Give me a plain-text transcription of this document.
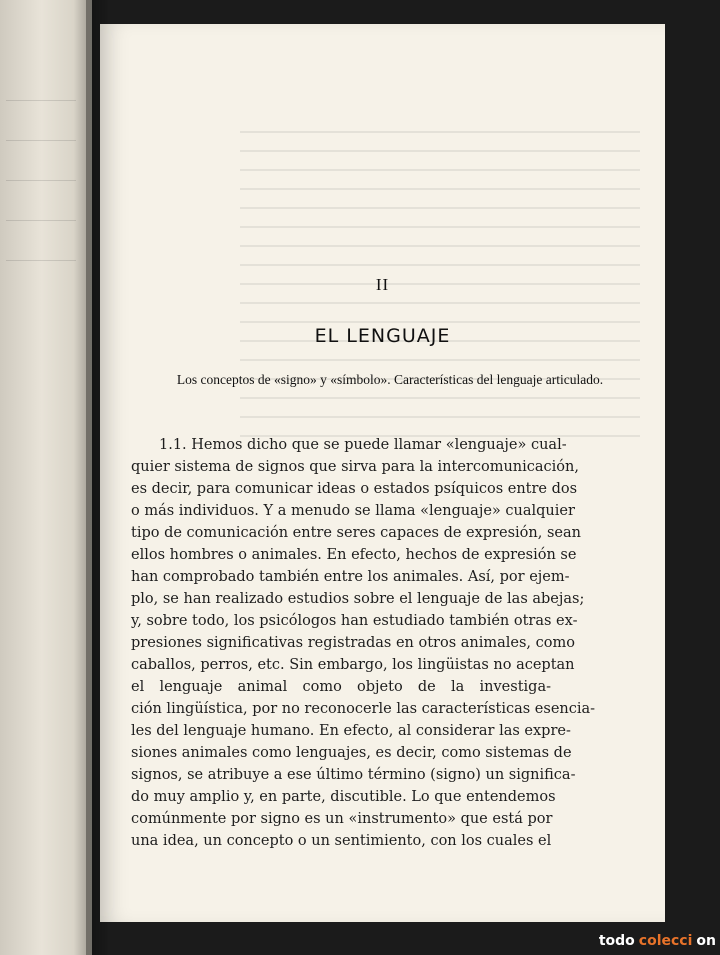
II
EL LENGUAJE
Los conceptos de «signo» y «símbolo». Características del lenguaje articulado.
1.1. Hemos dicho que se puede llamar «lenguaje» cual-
quier sistema de signos que sirva para la intercomunicación,
es decir, para comunicar ideas o estados psíquicos entre dos
o más individuos. Y a menudo se llama «lenguaje» cualquier
tipo de comunicación entre seres capaces de expresión, sean
ellos hombres o animales. En efecto, hechos de expresión se
han comprobado también entre los animales. Así, por ejem-
plo, se han realizado estudios sobre el lenguaje de las abejas;
y, sobre todo, los psicólogos han estudiado también otras ex-
presiones significativas registradas en otros animales, como
caballos, perros, etc. Sin embargo, los lingüistas no aceptan
el lenguaje animal como objeto de la investiga-
ción lingüística, por no reconocerle las características esencia-
les del lenguaje humano. En efecto, al considerar las expre-
siones animales como lenguajes, es decir, como sistemas de
signos, se atribuye a ese último término (signo) un significa-
do muy amplio y, en parte, discutible. Lo que entendemos
comúnmente por signo es un «instrumento» que está por
una idea, un concepto o un sentimiento, con los cuales el
todo colecci on
